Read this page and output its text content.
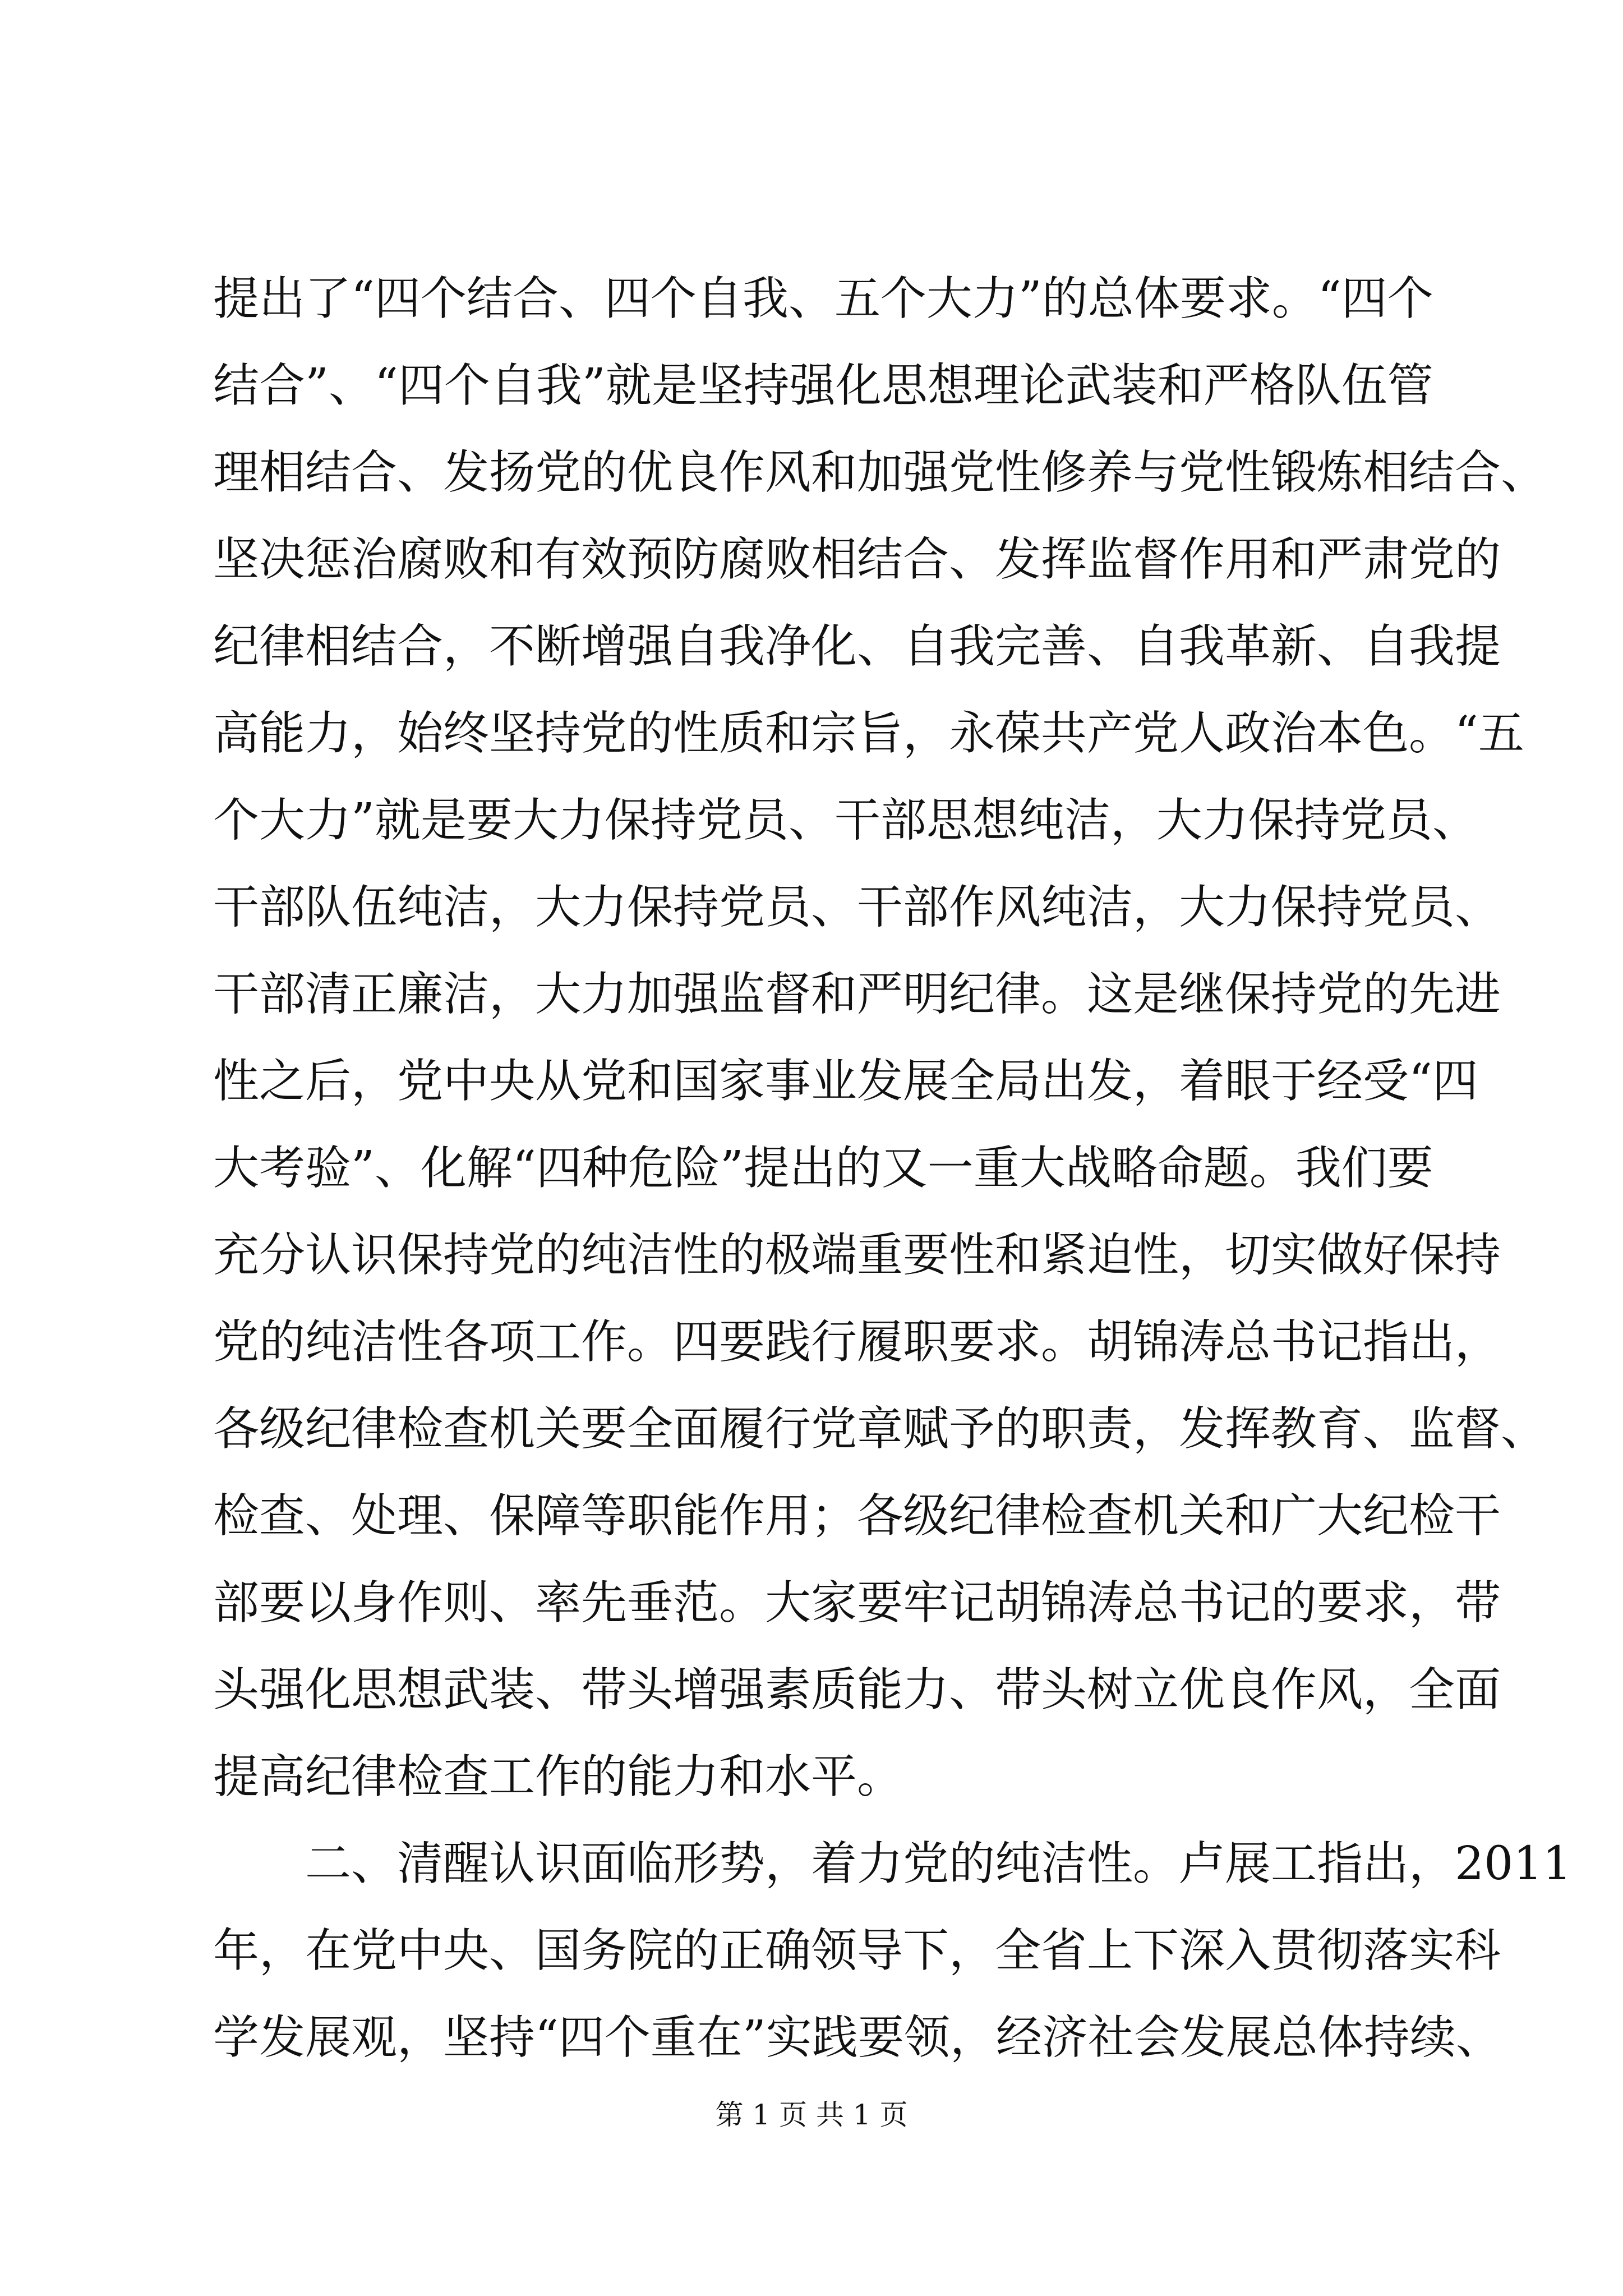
提出了“四个结合、四个自我、五个大力”的总体要求。“四个
结合”、“四个自我”就是坚持强化思想理论武装和严格队伍管
理相结合、发扬党的优良作风和加强党性修养与党性锻炼相结合、
坚决惩治腐败和有效预防腐败相结合、发挥监督作用和严肃党的
纪律相结合，不断增强自我净化、自我完善、自我革新、自我提
高能力，始终坚持党的性质和宗旨，永葆共产党人政治本色。“五
个大力”就是要大力保持党员、干部思想纯洁，大力保持党员、
干部队伍纯洁，大力保持党员、干部作风纯洁，大力保持党员、
干部清正廉洁，大力加强监督和严明纪律。这是继保持党的先进
性之后，党中央从党和国家事业发展全局出发，着眼于经受“四
大考验”、化解“四种危险”提出的又一重大战略命题。我们要
充分认识保持党的纯洁性的极端重要性和紧迫性，切实做好保持
党的纯洁性各项工作。四要践行履职要求。胡锦涛总书记指出，
各级纪律检查机关要全面履行党章赋予的职责，发挥教育、监督、
检查、处理、保障等职能作用；各级纪律检查机关和广大纪检干
部要以身作则、率先垂范。大家要牢记胡锦涛总书记的要求，带
头强化思想武装、带头增强素质能力、带头树立优良作风，全面
提高纪律检查工作的能力和水平。
二、清醒认识面临形势，着力党的纯洁性。卢展工指出，2011
年，在党中央、国务院的正确领导下，全省上下深入贯彻落实科
学发展观，坚持“四个重在”实践要领，经济社会发展总体持续、
第 1 页 共 1 页
